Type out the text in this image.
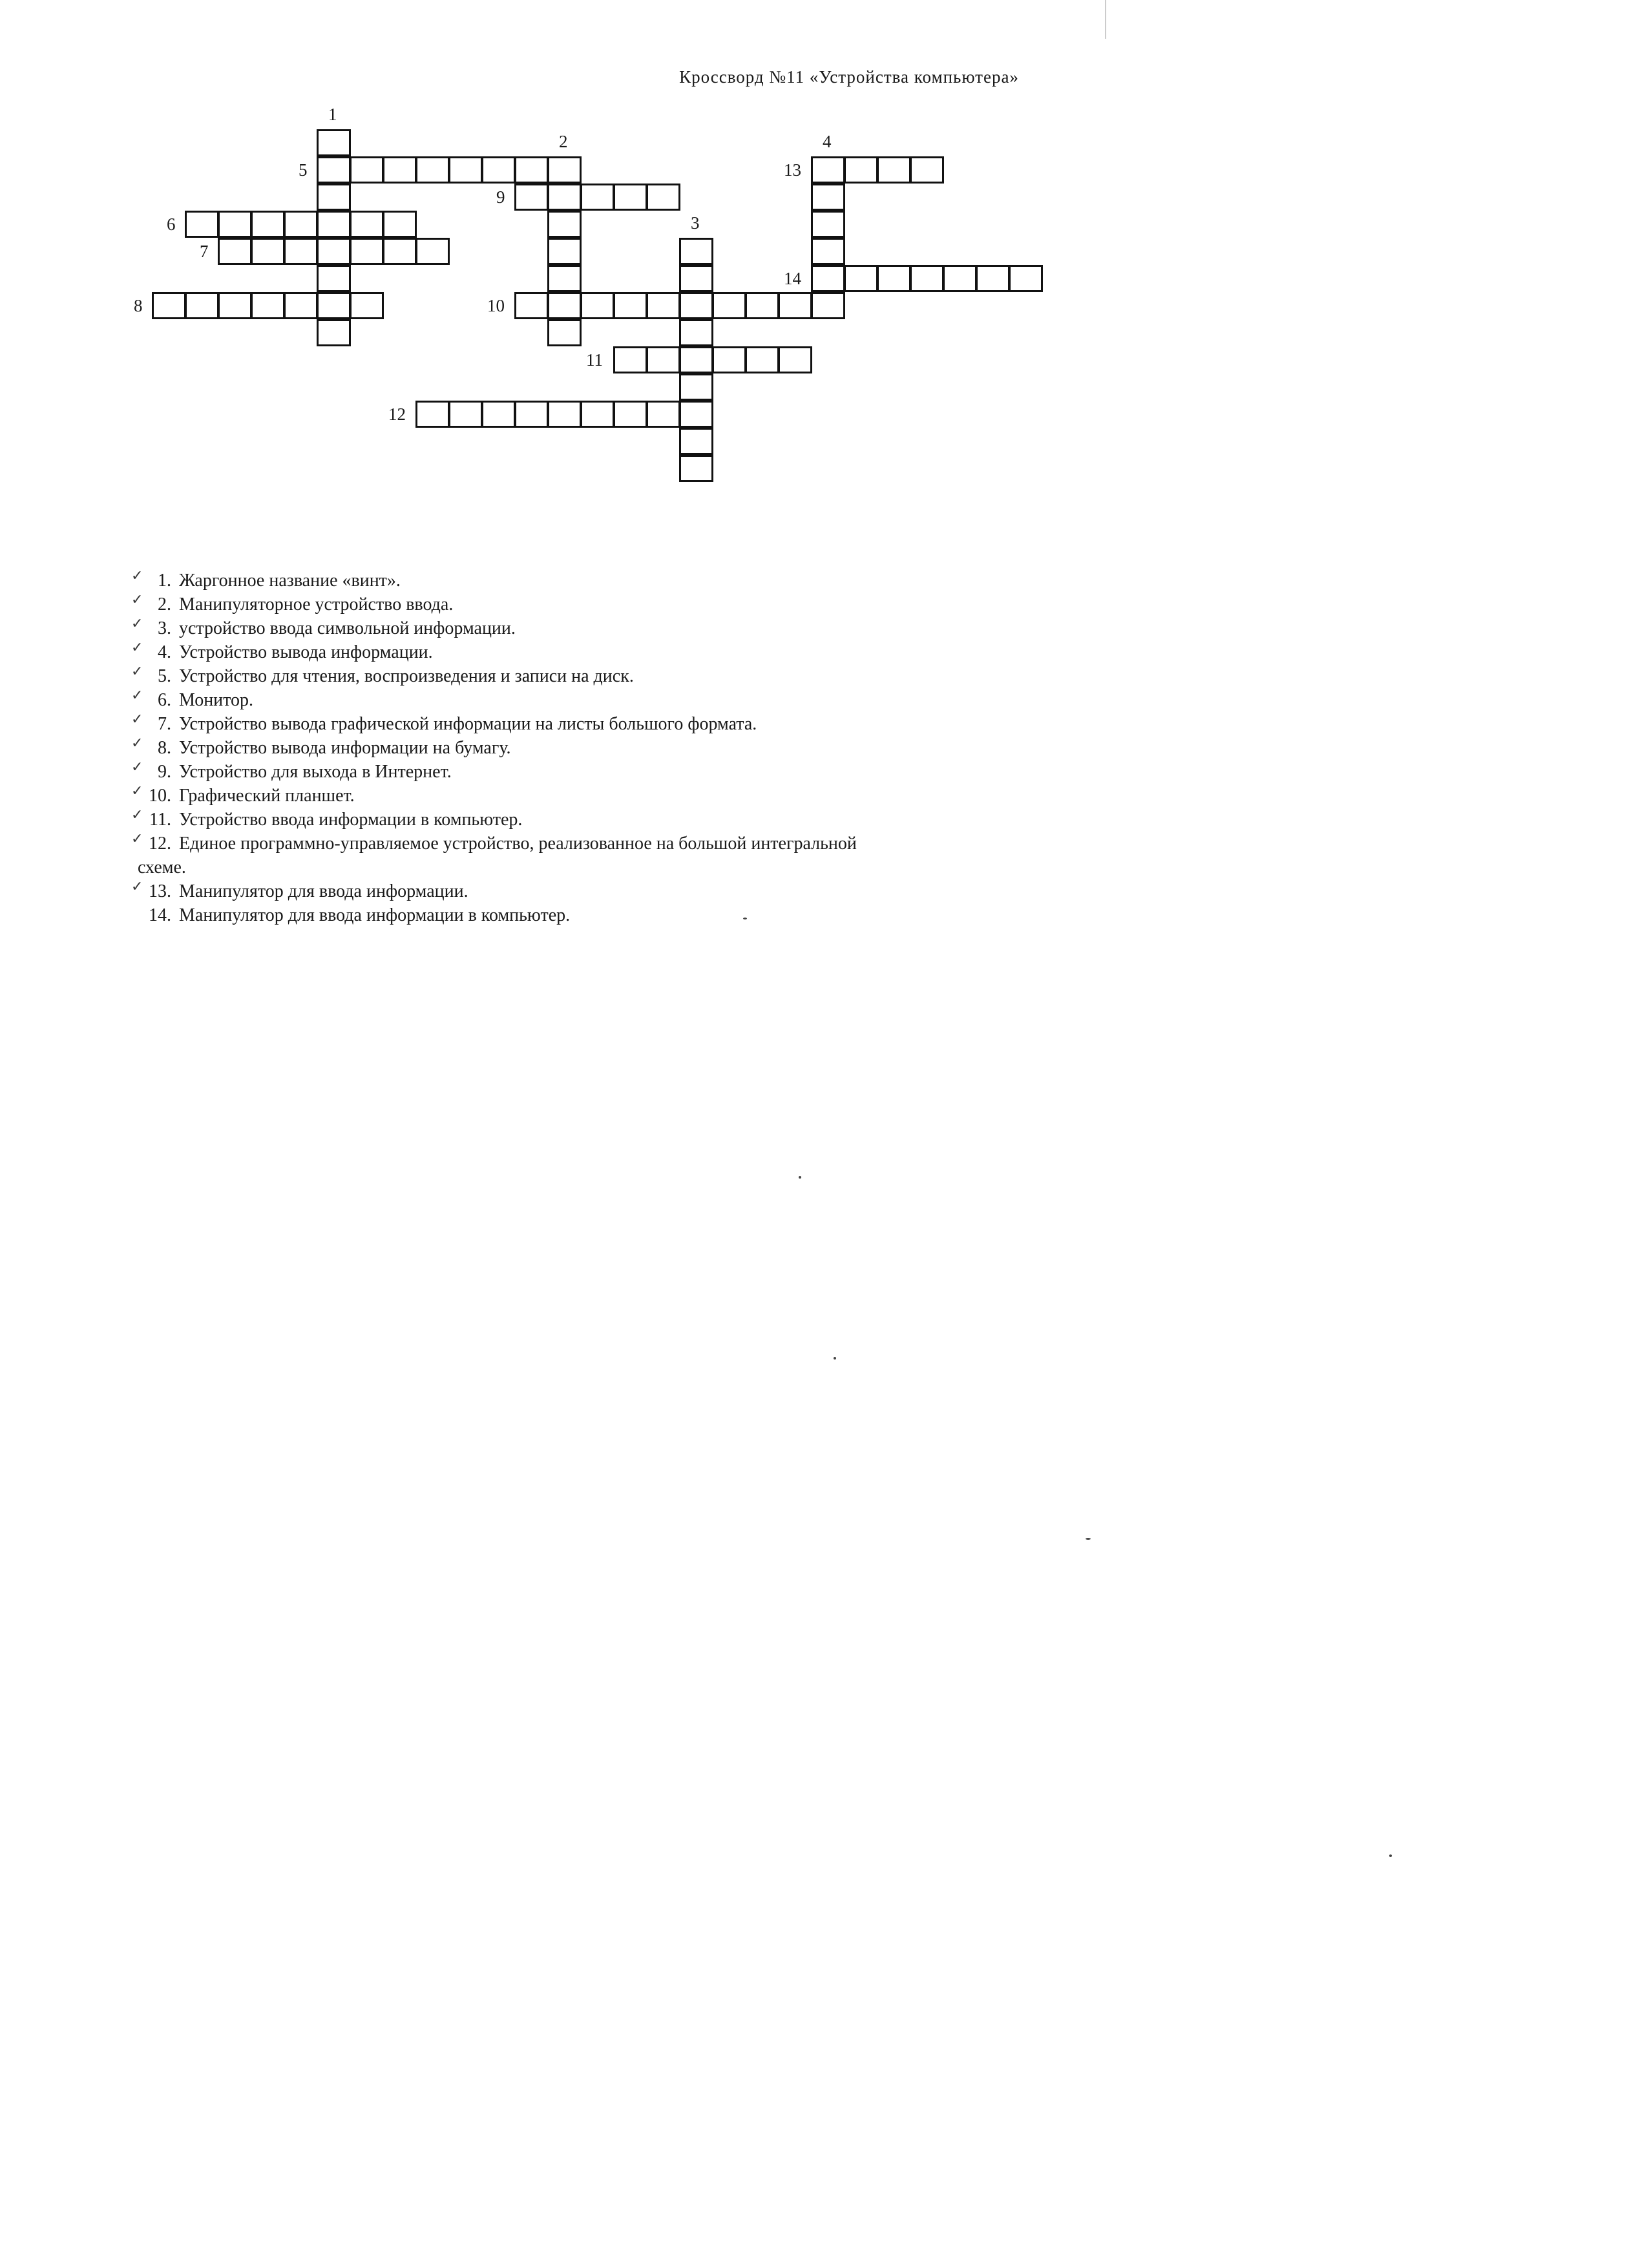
Кроссворд №11 «Устройства компьютера»
1
2
3
4
5
6
7
8
9
10
11
12
13
14
✓ 1. Жаргонное название «винт».
✓ 2. Манипуляторное устройство ввода.
✓ 3. устройство ввода символьной информации.
✓ 4. Устройство вывода информации.
✓ 5. Устройство для чтения, воспроизведения и записи на диск.
✓ 6. Монитор.
✓ 7. Устройство вывода графической информации на листы большого формата.
✓ 8. Устройство вывода информации на бумагу.
✓ 9. Устройство для выхода в Интернет.
✓ 10. Графический планшет.
✓ 11. Устройство ввода информации в компьютер.
✓ 12. Единое программно-управляемое устройство, реализованное на большой интегральной
схеме.
✓ 13. Манипулятор для ввода информации.
14. Манипулятор для ввода информации в компьютер.
